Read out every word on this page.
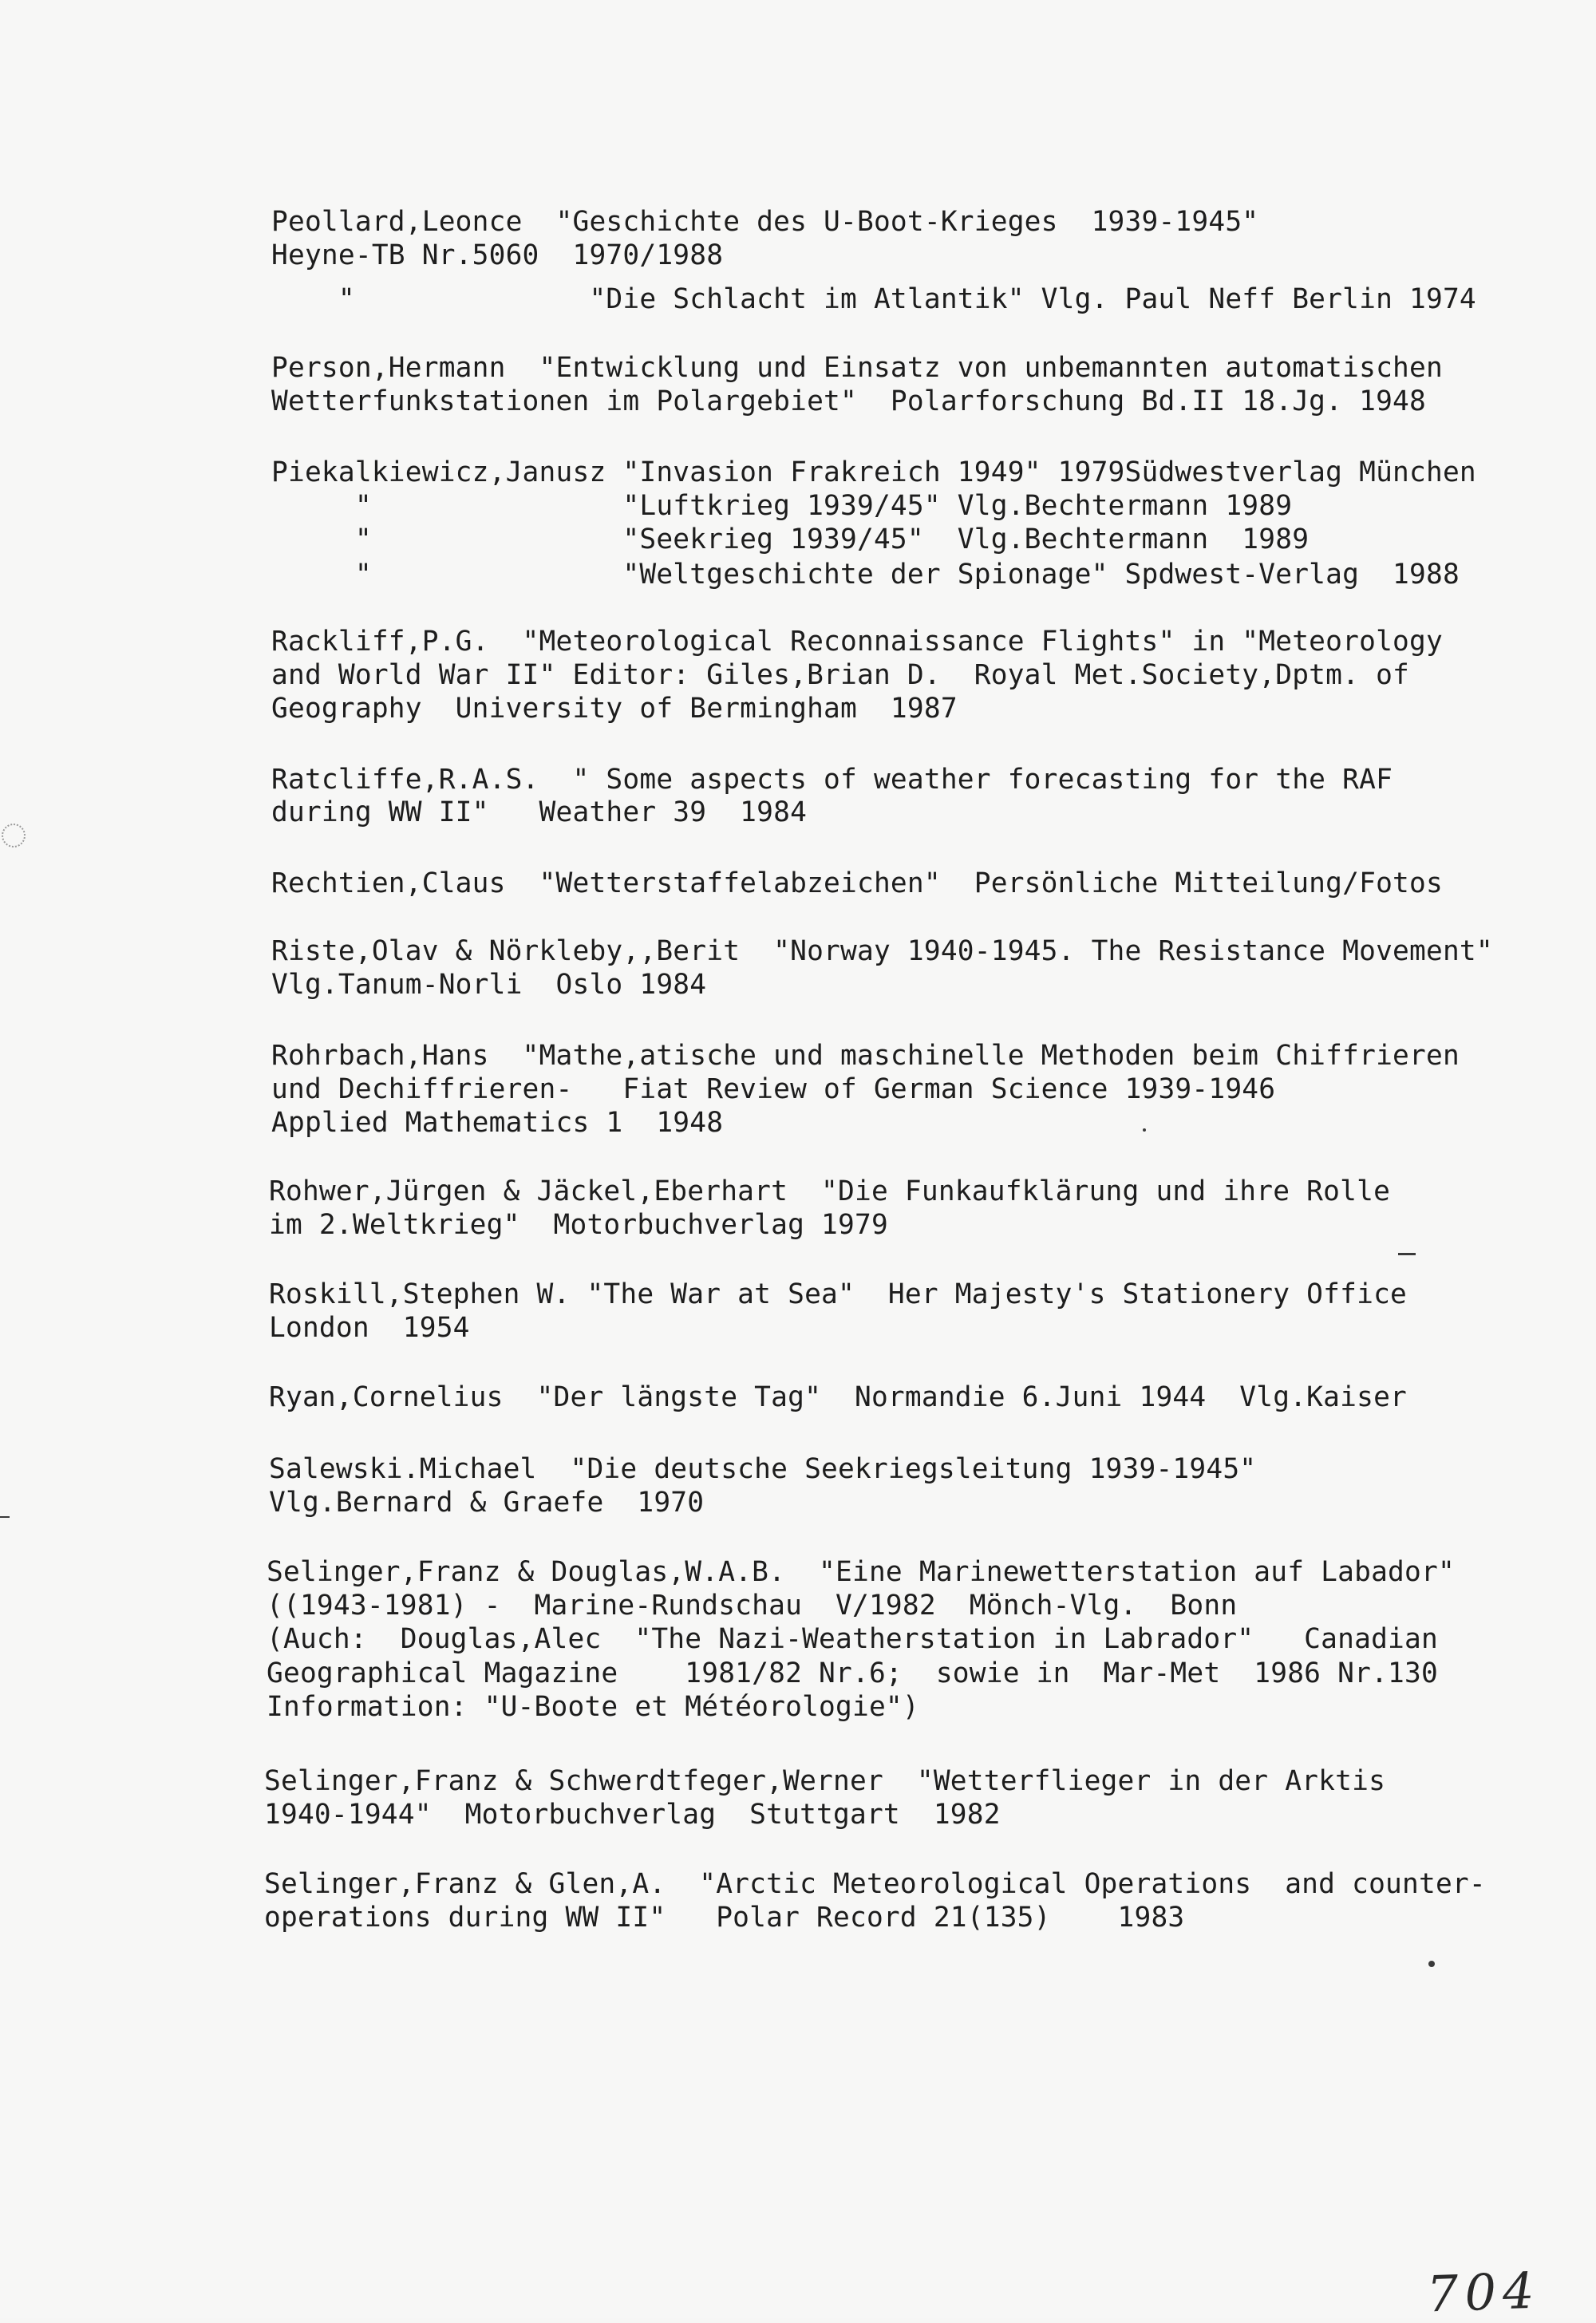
Peollard,Leonce  "Geschichte des U-Boot-Krieges  1939-1945"
Heyne-TB Nr.5060  1970/1988
"              "Die Schlacht im Atlantik" Vlg. Paul Neff Berlin 1974
Person,Hermann  "Entwicklung und Einsatz von unbemannten automatischen
Wetterfunkstationen im Polargebiet"  Polarforschung Bd.II 18.Jg. 1948
Piekalkiewicz,Janusz "Invasion Frakreich 1949" 1979Südwestverlag München
"               "Luftkrieg 1939/45" Vlg.Bechtermann 1989
"               "Seekrieg 1939/45"  Vlg.Bechtermann  1989
"               "Weltgeschichte der Spionage" Spdwest-Verlag  1988
Rackliff,P.G.  "Meteorological Reconnaissance Flights" in "Meteorology
and World War II" Editor: Giles,Brian D.  Royal Met.Society,Dptm. of
Geography  University of Bermingham  1987
Ratcliffe,R.A.S.  " Some aspects of weather forecasting for the RAF
during WW II"   Weather 39  1984
Rechtien,Claus  "Wetterstaffelabzeichen"  Persönliche Mitteilung/Fotos
Riste,Olav & Nörkleby,,Berit  "Norway 1940-1945. The Resistance Movement"
Vlg.Tanum-Norli  Oslo 1984
Rohrbach,Hans  "Mathe,atische und maschinelle Methoden beim Chiffrieren
und Dechiffrieren-   Fiat Review of German Science 1939-1946
Applied Mathematics 1  1948
Rohwer,Jürgen & Jäckel,Eberhart  "Die Funkaufklärung und ihre Rolle
im 2.Weltkrieg"  Motorbuchverlag 1979
Roskill,Stephen W. "The War at Sea"  Her Majesty's Stationery Office
London  1954
Ryan,Cornelius  "Der längste Tag"  Normandie 6.Juni 1944  Vlg.Kaiser
Salewski.Michael  "Die deutsche Seekriegsleitung 1939-1945"
Vlg.Bernard & Graefe  1970
Selinger,Franz & Douglas,W.A.B.  "Eine Marinewetterstation auf Labador"
((1943-1981) -  Marine-Rundschau  V/1982  Mönch-Vlg.  Bonn
(Auch:  Douglas,Alec  "The Nazi-Weatherstation in Labrador"   Canadian
Geographical Magazine    1981/82 Nr.6;  sowie in  Mar-Met  1986 Nr.130
Information: "U-Boote et Météorologie")
Selinger,Franz & Schwerdtfeger,Werner  "Wetterflieger in der Arktis
1940-1944"  Motorbuchverlag  Stuttgart  1982
Selinger,Franz & Glen,A.  "Arctic Meteorological Operations  and counter-
operations during WW II"   Polar Record 21(135)    1983
704
